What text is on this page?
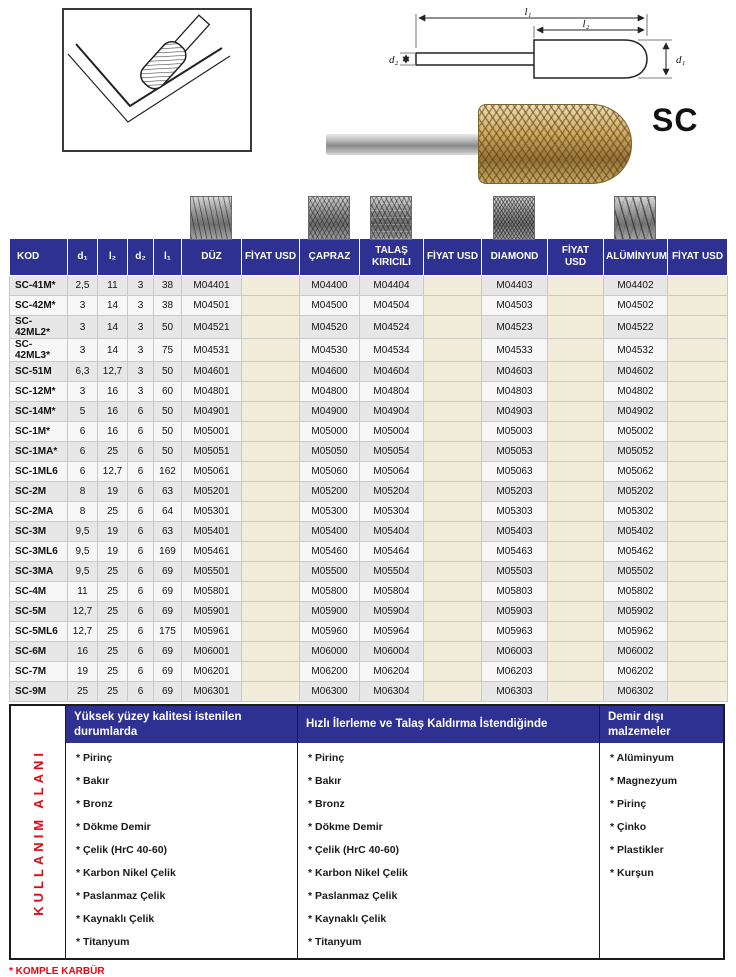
l₁
l₂
d₂	d₁
SC
KOD	d₁	l₂	d₂	l₁	DÜZ	FİYAT USD	ÇAPRAZ	TALAŞ KIRICILI	FİYAT USD	DIAMOND	FİYAT USD	ALÜMİNYUM	FİYAT USD
SC-41M*	2,5	11	3	38	M04401		M04400	M04404		M04403		M04402	
SC-42M*	3	14	3	38	M04501		M04500	M04504		M04503		M04502	
SC-42ML2*	3	14	3	50	M04521		M04520	M04524		M04523		M04522	
SC-42ML3*	3	14	3	75	M04531		M04530	M04534		M04533		M04532	
SC-51M	6,3	12,7	3	50	M04601		M04600	M04604		M04603		M04602	
SC-12M*	3	16	3	60	M04801		M04800	M04804		M04803		M04802	
SC-14M*	5	16	6	50	M04901		M04900	M04904		M04903		M04902	
SC-1M*	6	16	6	50	M05001		M05000	M05004		M05003		M05002	
SC-1MA*	6	25	6	50	M05051		M05050	M05054		M05053		M05052	
SC-1ML6	6	12,7	6	162	M05061		M05060	M05064		M05063		M05062	
SC-2M	8	19	6	63	M05201		M05200	M05204		M05203		M05202	
SC-2MA	8	25	6	64	M05301		M05300	M05304		M05303		M05302	
SC-3M	9,5	19	6	63	M05401		M05400	M05404		M05403		M05402	
SC-3ML6	9,5	19	6	169	M05461		M05460	M05464		M05463		M05462	
SC-3MA	9,5	25	6	69	M05501		M05500	M05504		M05503		M05502	
SC-4M	11	25	6	69	M05801		M05800	M05804		M05803		M05802	
SC-5M	12,7	25	6	69	M05901		M05900	M05904		M05903		M05902	
SC-5ML6	12,7	25	6	175	M05961		M05960	M05964		M05963		M05962	
SC-6M	16	25	6	69	M06001		M06000	M06004		M06003		M06002	
SC-7M	19	25	6	69	M06201		M06200	M06204		M06203		M06202	
SC-9M	25	25	6	69	M06301		M06300	M06304		M06303		M06302	
KULLANIM ALANI
Yüksek yüzey kalitesi istenilen durumlarda
* Pirinç
* Bakır
* Bronz
* Dökme Demir
* Çelik (HrC 40-60)
* Karbon Nikel Çelik
* Paslanmaz Çelik
* Kaynaklı Çelik
* Titanyum
Hızlı İlerleme ve Talaş Kaldırma İstendiğinde
* Pirinç
* Bakır
* Bronz
* Dökme Demir
* Çelik (HrC 40-60)
* Karbon Nikel Çelik
* Paslanmaz Çelik
* Kaynaklı Çelik
* Titanyum
Demir dışı malzemeler
* Alüminyum
* Magnezyum
* Pirinç
* Çinko
* Plastikler
* Kurşun
* KOMPLE KARBÜR
